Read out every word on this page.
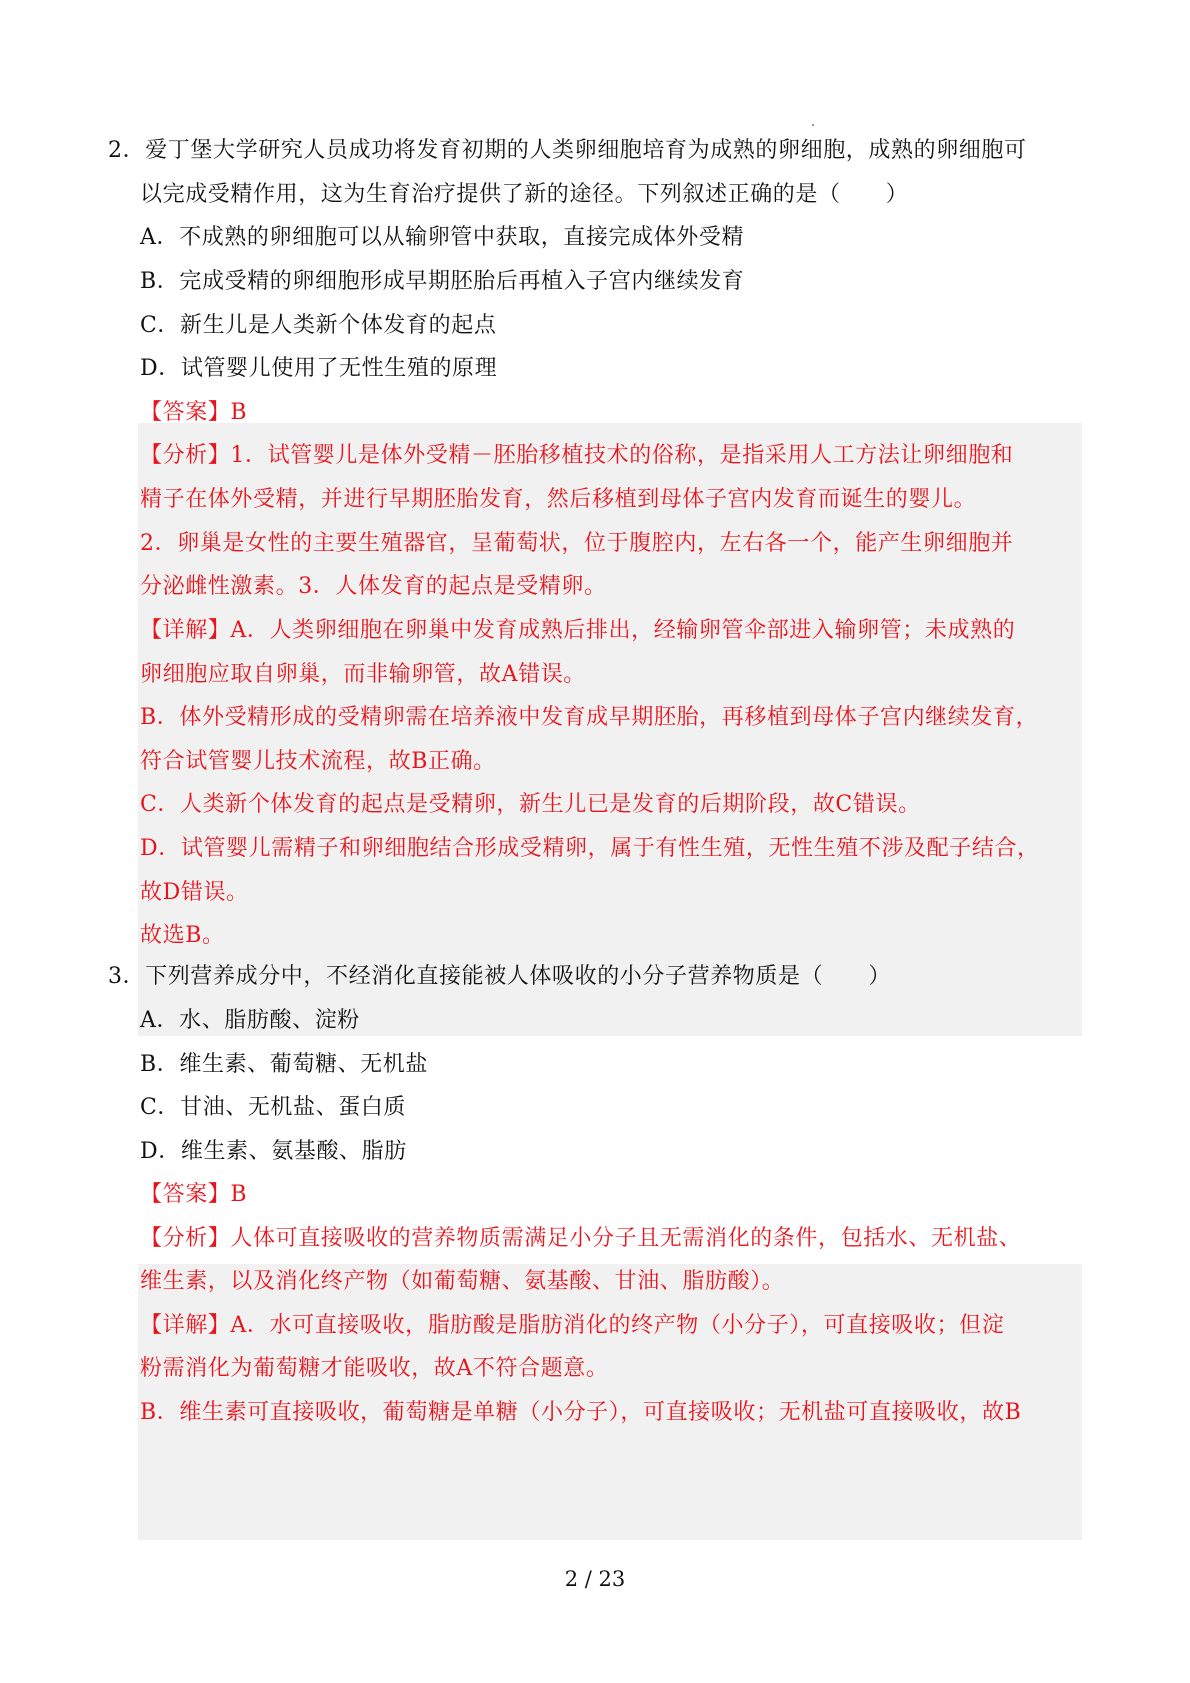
2．爱丁堡大学研究人员成功将发育初期的人类卵细胞培育为成熟的卵细胞，成熟的卵细胞可
以完成受精作用，这为生育治疗提供了新的途径。下列叙述正确的是（　　）
A．不成熟的卵细胞可以从输卵管中获取，直接完成体外受精
B．完成受精的卵细胞形成早期胚胎后再植入子宫内继续发育
C．新生儿是人类新个体发育的起点
D．试管婴儿使用了无性生殖的原理
【答案】B
【分析】1．试管婴儿是体外受精－胚胎移植技术的俗称，是指采用人工方法让卵细胞和
精子在体外受精，并进行早期胚胎发育，然后移植到母体子宫内发育而诞生的婴儿。
2．卵巢是女性的主要生殖器官，呈葡萄状，位于腹腔内，左右各一个，能产生卵细胞并
分泌雌性激素。3．人体发育的起点是受精卵。
【详解】A．人类卵细胞在卵巢中发育成熟后排出，经输卵管伞部进入输卵管；未成熟的
卵细胞应取自卵巢，而非输卵管，故A错误。
B．体外受精形成的受精卵需在培养液中发育成早期胚胎，再移植到母体子宫内继续发育，
符合试管婴儿技术流程，故B正确。
C．人类新个体发育的起点是受精卵，新生儿已是发育的后期阶段，故C错误。
D．试管婴儿需精子和卵细胞结合形成受精卵，属于有性生殖，无性生殖不涉及配子结合，
故D错误。
故选B。
3．下列营养成分中，不经消化直接能被人体吸收的小分子营养物质是（　　）
A．水、脂肪酸、淀粉
B．维生素、葡萄糖、无机盐
C．甘油、无机盐、蛋白质
D．维生素、氨基酸、脂肪
【答案】B
【分析】人体可直接吸收的营养物质需满足小分子且无需消化的条件，包括水、无机盐、
维生素，以及消化终产物（如葡萄糖、氨基酸、甘油、脂肪酸）。
【详解】A．水可直接吸收，脂肪酸是脂肪消化的终产物（小分子），可直接吸收；但淀
粉需消化为葡萄糖才能吸收，故A不符合题意。
B．维生素可直接吸收，葡萄糖是单糖（小分子），可直接吸收；无机盐可直接吸收，故B
2 / 23
